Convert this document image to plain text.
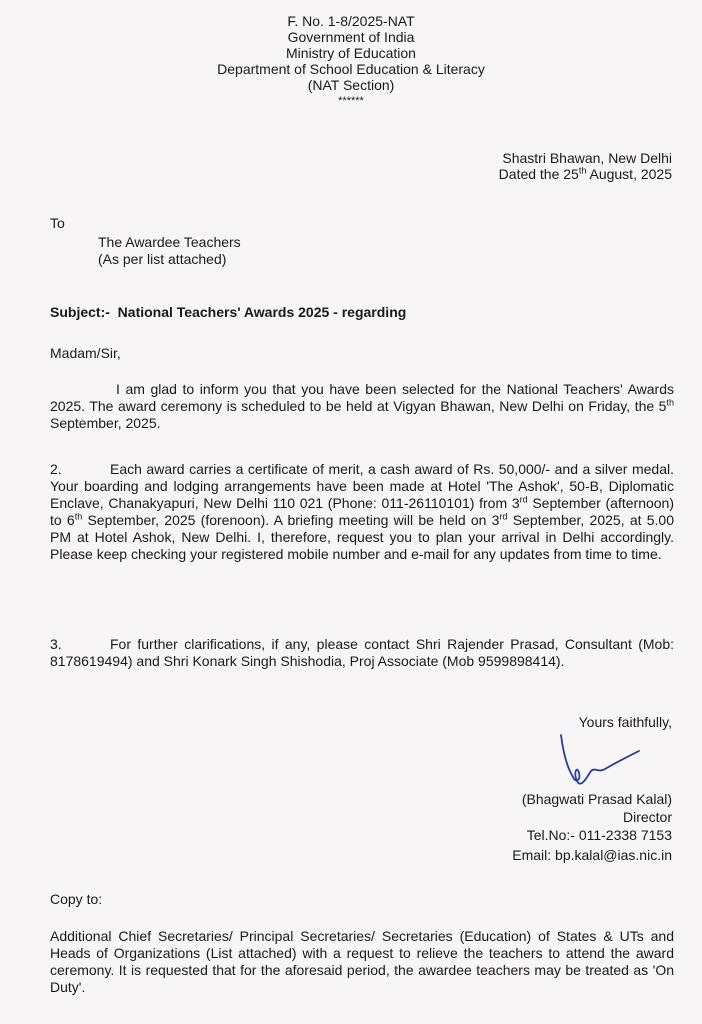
F. No. 1-8/2025-NAT
Government of India
Ministry of Education
Department of School Education & Literacy
(NAT Section)
******
Shastri Bhawan, New Delhi
Dated the 25th August, 2025
To
The Awardee Teachers
(As per list attached)
Subject:- National Teachers' Awards 2025 - regarding
Madam/Sir,
I am glad to inform you that you have been selected for the National Teachers' Awards 2025. The award ceremony is scheduled to be held at Vigyan Bhawan, New Delhi on Friday, the 5th September, 2025.
2.	Each award carries a certificate of merit, a cash award of Rs. 50,000/- and a silver medal. Your boarding and lodging arrangements have been made at Hotel 'The Ashok', 50-B, Diplomatic Enclave, Chanakyapuri, New Delhi 110 021 (Phone: 011-26110101) from 3rd September (afternoon) to 6th September, 2025 (forenoon). A briefing meeting will be held on 3rd September, 2025, at 5.00 PM at Hotel Ashok, New Delhi. I, therefore, request you to plan your arrival in Delhi accordingly. Please keep checking your registered mobile number and e-mail for any updates from time to time.
3.	For further clarifications, if any, please contact Shri Rajender Prasad, Consultant (Mob: 8178619494) and Shri Konark Singh Shishodia, Proj Associate (Mob 9599898414).
Yours faithfully,
(Bhagwati Prasad Kalal)
Director
Tel.No:- 011-2338 7153
Email: bp.kalal@ias.nic.in
Copy to:
Additional Chief Secretaries/ Principal Secretaries/ Secretaries (Education) of States & UTs and Heads of Organizations (List attached) with a request to relieve the teachers to attend the award ceremony. It is requested that for the aforesaid period, the awardee teachers may be treated as 'On Duty'.
